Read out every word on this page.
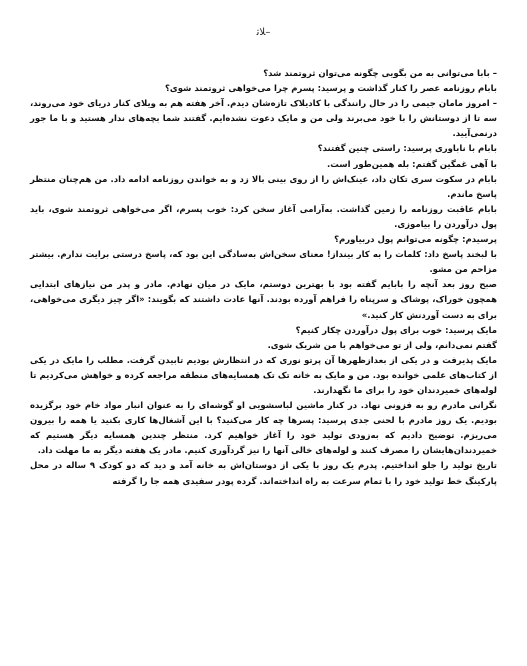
ﻼﺗ–

– بابا می‌توانی به من بگویی چگونه می‌توان ثروتمند شد؟

بابام روزنامه عصر را کنار گذاشت و پرسید: پسرم چرا می‌خواهی ثروتمند شوی؟

– امروز مامان جیمی را در حال رانندگی با کادیلاک تازه‌شان دیدم. آخر هفته هم به ویلای کنار دریای خود می‌روند، سه تا از دوستانش را با خود می‌برند ولی من و مایک دعوت نشده‌ایم. گفتند شما بچه‌های ندار هستید و با ما جور درنمی‌آیید.

بابام با ناباوری پرسید: راستی چنین گفتند؟

با آهی غمگین گفتم: بله همین‌طور است.

بابام در سکوت سری تکان داد، عینک‌اش را از روی بینی بالا زد و به خواندن روزنامه ادامه داد. من هم‌چنان منتظر پاسخ ماندم.

بابام عاقبت روزنامه را زمین گذاشت. به‌آرامی آغاز سخن کرد: خوب پسرم، اگر می‌خواهی ثروتمند شوی، باید پول درآوردن را بیاموزی.

پرسیدم: چگونه می‌توانم پول دربیاورم؟

با لبخند پاسخ داد: کلمات را به کار بینداز! معنای سخن‌اش به‌سادگی این بود که، پاسخ درستی برایت ندارم. بیشتر مزاحم من مشو.

صبح روز بعد آنچه را بابایم گفته بود با بهترین دوستم، مایک در میان نهادم. مادر و پدر من نیازهای ابتدایی همچون خوراک، پوشاک و سرپناه را فراهم آورده بودند. آنها عادت داشتند که بگویند: «اگر چیز دیگری می‌خواهی، برای به دست آوردنش کار کنید.»

مایک پرسید: خوب برای پول درآوردن چکار کنیم؟

گفتم نمی‌دانم، ولی از تو می‌خواهم با من شریک شوی.

مایک پذیرفت و در یکی از بعدازظهرها آن پرتو نوری که در انتظارش بودیم تابیدن گرفت. مطلب را مایک در یکی از کتاب‌های علمی خوانده بود. من و مایک به خانه تک تک همسایه‌های منطقه مراجعه کرده و خواهش می‌کردیم تا لوله‌های خمیردندان خود را برای ما نگهدارند.

نگرانی مادرم رو به فزونی نهاد. در کنار ماشین لباسشویی او گوشه‌ای را به عنوان انبار مواد خام خود برگزیده بودیم. یک روز مادرم با لحنی جدی پرسید: پسرها چه کار می‌کنید؟ با این آشغال‌ها کاری بکنید یا همه را بیرون می‌ریزم. توضیح دادیم که به‌زودی تولید خود را آغاز خواهیم کرد. منتظر چندین همسایه دیگر هستیم که خمیردندان‌هایشان را مصرف کنند و لوله‌های خالی آنها را نیز گردآوری کنیم. مادر یک هفته دیگر به ما مهلت داد.

تاریخ تولید را جلو انداختیم. پدرم یک روز با یکی از دوستان‌اش به خانه آمد و دید که دو کودک ۹ ساله در محل پارکینگ خط تولید خود را با تمام سرعت به راه انداخته‌اند. گرده پودر سفیدی همه جا را گرفته
